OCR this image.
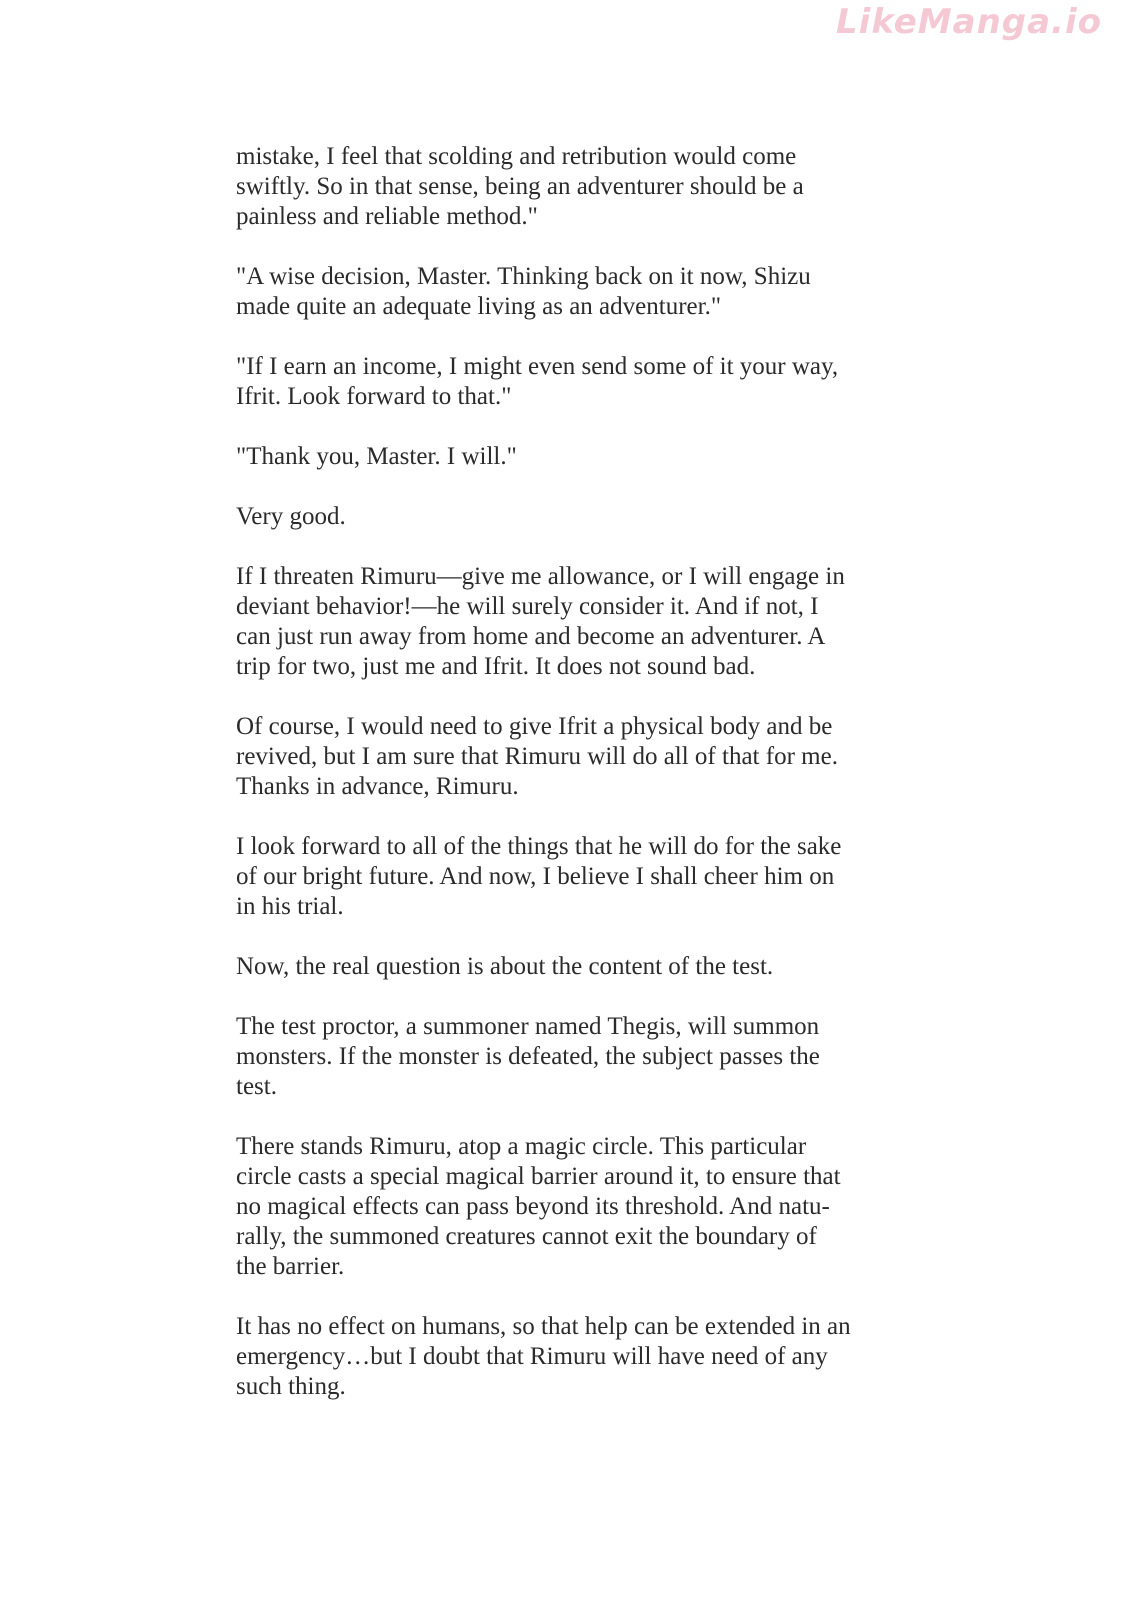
LikeManga.io

mistake, I feel that scolding and retribution would come
swiftly. So in that sense, being an adventurer should be a
painless and reliable method."

"A wise decision, Master. Thinking back on it now, Shizu
made quite an adequate living as an adventurer."

"If I earn an income, I might even send some of it your way,
Ifrit. Look forward to that."

"Thank you, Master. I will."

Very good.

If I threaten Rimuru—give me allowance, or I will engage in
deviant behavior!—he will surely consider it. And if not, I
can just run away from home and become an adventurer. A
trip for two, just me and Ifrit. It does not sound bad.

Of course, I would need to give Ifrit a physical body and be
revived, but I am sure that Rimuru will do all of that for me.
Thanks in advance, Rimuru.

I look forward to all of the things that he will do for the sake
of our bright future. And now, I believe I shall cheer him on
in his trial.

Now, the real question is about the content of the test.

The test proctor, a summoner named Thegis, will summon
monsters. If the monster is defeated, the subject passes the
test.

There stands Rimuru, atop a magic circle. This particular
circle casts a special magical barrier around it, to ensure that
no magical effects can pass beyond its threshold. And natu-
rally, the summoned creatures cannot exit the boundary of
the barrier.

It has no effect on humans, so that help can be extended in an
emergency…but I doubt that Rimuru will have need of any
such thing.
